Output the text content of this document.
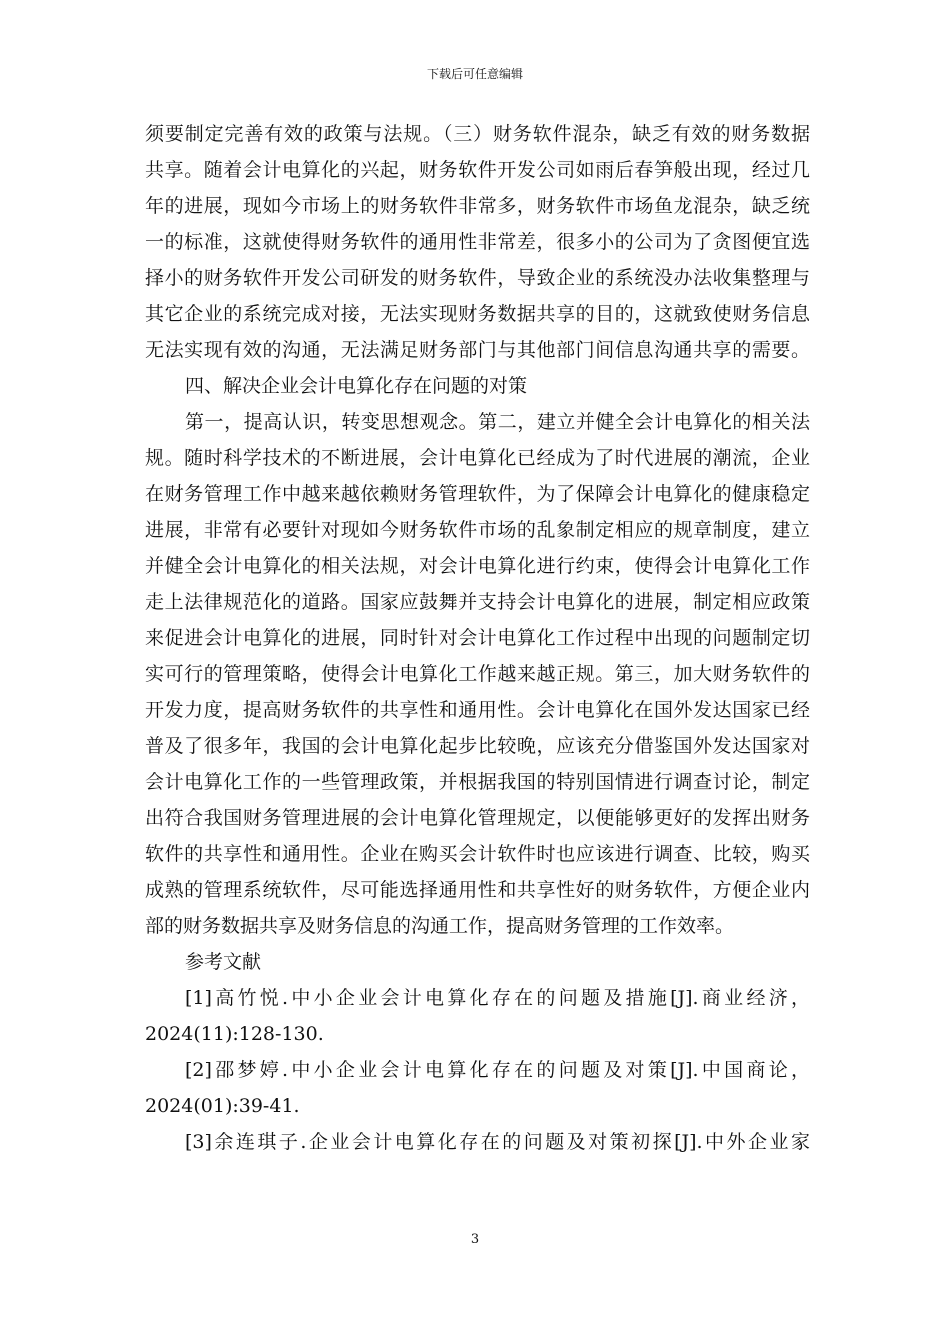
下载后可任意编辑
须要制定完善有效的政策与法规。（三）财务软件混杂，缺乏有效的财务数据
共享。随着会计电算化的兴起，财务软件开发公司如雨后春笋般出现，经过几
年的进展，现如今市场上的财务软件非常多，财务软件市场鱼龙混杂，缺乏统
一的标准，这就使得财务软件的通用性非常差，很多小的公司为了贪图便宜选
择小的财务软件开发公司研发的财务软件，导致企业的系统没办法收集整理与
其它企业的系统完成对接，无法实现财务数据共享的目的，这就致使财务信息
无法实现有效的沟通，无法满足财务部门与其他部门间信息沟通共享的需要。
四、解决企业会计电算化存在问题的对策
第一，提高认识，转变思想观念。第二，建立并健全会计电算化的相关法
规。随时科学技术的不断进展，会计电算化已经成为了时代进展的潮流，企业
在财务管理工作中越来越依赖财务管理软件，为了保障会计电算化的健康稳定
进展，非常有必要针对现如今财务软件市场的乱象制定相应的规章制度，建立
并健全会计电算化的相关法规，对会计电算化进行约束，使得会计电算化工作
走上法律规范化的道路。国家应鼓舞并支持会计电算化的进展，制定相应政策
来促进会计电算化的进展，同时针对会计电算化工作过程中出现的问题制定切
实可行的管理策略，使得会计电算化工作越来越正规。第三，加大财务软件的
开发力度，提高财务软件的共享性和通用性。会计电算化在国外发达国家已经
普及了很多年，我国的会计电算化起步比较晚，应该充分借鉴国外发达国家对
会计电算化工作的一些管理政策，并根据我国的特别国情进行调查讨论，制定
出符合我国财务管理进展的会计电算化管理规定，以便能够更好的发挥出财务
软件的共享性和通用性。企业在购买会计软件时也应该进行调查、比较，购买
成熟的管理系统软件，尽可能选择通用性和共享性好的财务软件，方便企业内
部的财务数据共享及财务信息的沟通工作，提高财务管理的工作效率。
参考文献
[1]高竹悦.中小企业会计电算化存在的问题及措施[J].商业经济，
2024(11):128-130.
[2]邵梦婷.中小企业会计电算化存在的问题及对策[J].中国商论，
2024(01):39-41.
[3]余连琪子.企业会计电算化存在的问题及对策初探[J].中外企业家
3
